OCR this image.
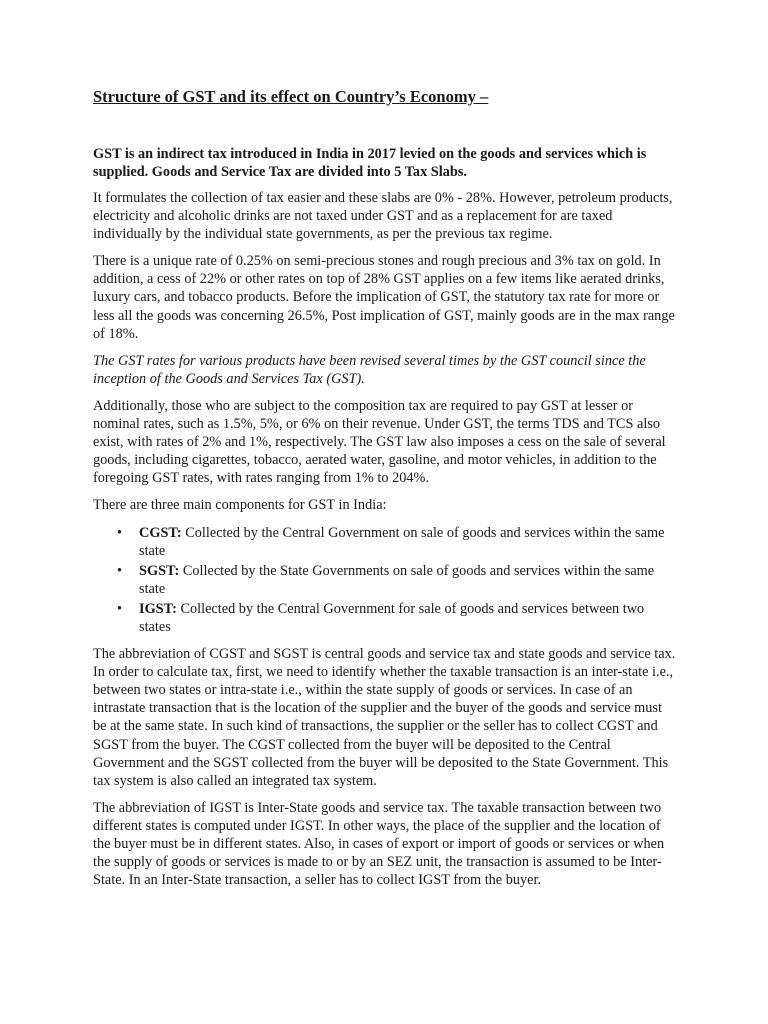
Structure of GST and its effect on Country’s Economy –

GST is an indirect tax introduced in India in 2017 levied on the goods and services which is supplied. Goods and Service Tax are divided into 5 Tax Slabs.

It formulates the collection of tax easier and these slabs are 0% - 28%. However, petroleum products, electricity and alcoholic drinks are not taxed under GST and as a replacement for are taxed individually by the individual state governments, as per the previous tax regime.

There is a unique rate of 0.25% on semi-precious stones and rough precious and 3% tax on gold. In addition, a cess of 22% or other rates on top of 28% GST applies on a few items like aerated drinks, luxury cars, and tobacco products. Before the implication of GST, the statutory tax rate for more or less all the goods was concerning 26.5%, Post implication of GST, mainly goods are in the max range of 18%.

The GST rates for various products have been revised several times by the GST council since the inception of the Goods and Services Tax (GST).

Additionally, those who are subject to the composition tax are required to pay GST at lesser or nominal rates, such as 1.5%, 5%, or 6% on their revenue. Under GST, the terms TDS and TCS also exist, with rates of 2% and 1%, respectively. The GST law also imposes a cess on the sale of several goods, including cigarettes, tobacco, aerated water, gasoline, and motor vehicles, in addition to the foregoing GST rates, with rates ranging from 1% to 204%.

There are three main components for GST in India:

• CGST: Collected by the Central Government on sale of goods and services within the same state
• SGST: Collected by the State Governments on sale of goods and services within the same state
• IGST: Collected by the Central Government for sale of goods and services between two states

The abbreviation of CGST and SGST is central goods and service tax and state goods and service tax. In order to calculate tax, first, we need to identify whether the taxable transaction is an inter-state i.e., between two states or intra-state i.e., within the state supply of goods or services. In case of an intrastate transaction that is the location of the supplier and the buyer of the goods and service must be at the same state. In such kind of transactions, the supplier or the seller has to collect CGST and SGST from the buyer. The CGST collected from the buyer will be deposited to the Central Government and the SGST collected from the buyer will be deposited to the State Government. This tax system is also called an integrated tax system.

The abbreviation of IGST is Inter-State goods and service tax. The taxable transaction between two different states is computed under IGST. In other ways, the place of the supplier and the location of the buyer must be in different states. Also, in cases of export or import of goods or services or when the supply of goods or services is made to or by an SEZ unit, the transaction is assumed to be Inter-State. In an Inter-State transaction, a seller has to collect IGST from the buyer.
